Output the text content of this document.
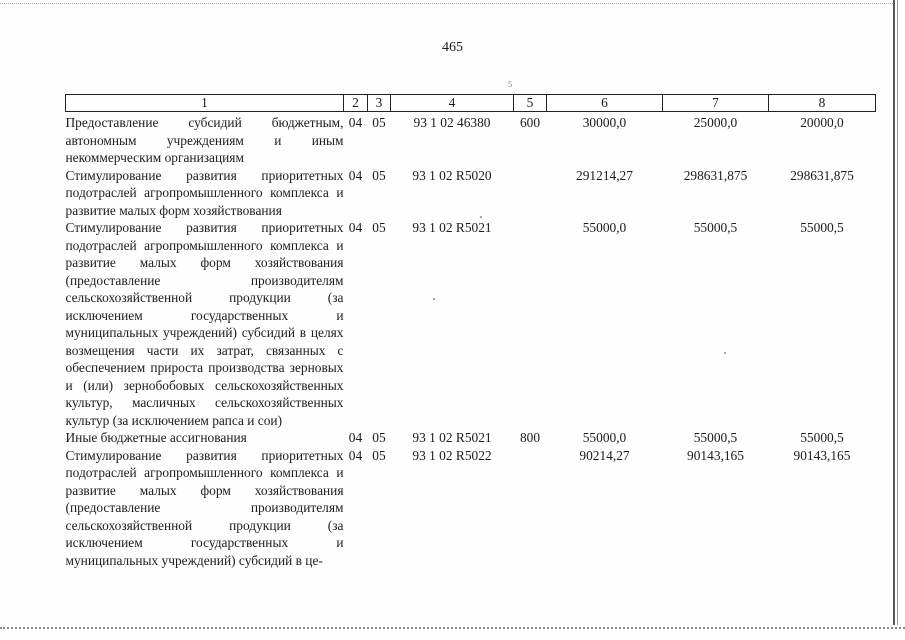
465
5
1	2	3	4	5	6	7	8

Предоставление субсидий бюджетным, автономным учреждениям и иным некоммерческим организациям	04	05	93 1 02 46380	600	30000,0	25000,0	20000,0
Стимулирование развития приоритетных подотраслей агропромышленного комплекса и развитие малых форм хозяйствования	04	05	93 1 02 R5020		291214,27	298631,875	298631,875
Стимулирование развития приоритетных подотраслей агропромышленного комплекса и развитие малых форм хозяйствования (предоставление производителям сельскохозяйственной продукции (за исключением государственных и муниципальных учреждений) субсидий в целях возмещения части их затрат, связанных с обеспечением прироста производства зерновых и (или) зернобобовых сельскохозяйственных культур, масличных сельскохозяйственных культур (за исключением рапса и сои)	04	05	93 1 02 R5021		55000,0	55000,5	55000,5
Иные бюджетные ассигнования	04	05	93 1 02 R5021	800	55000,0	55000,5	55000,5
Стимулирование развития приоритетных подотраслей агропромышленного комплекса и развитие малых форм хозяйствования (предоставление производителям сельскохозяйственной продукции (за исключением государственных и муниципальных учреждений) субсидий в це-	04	05	93 1 02 R5022		90214,27	90143,165	90143,165
